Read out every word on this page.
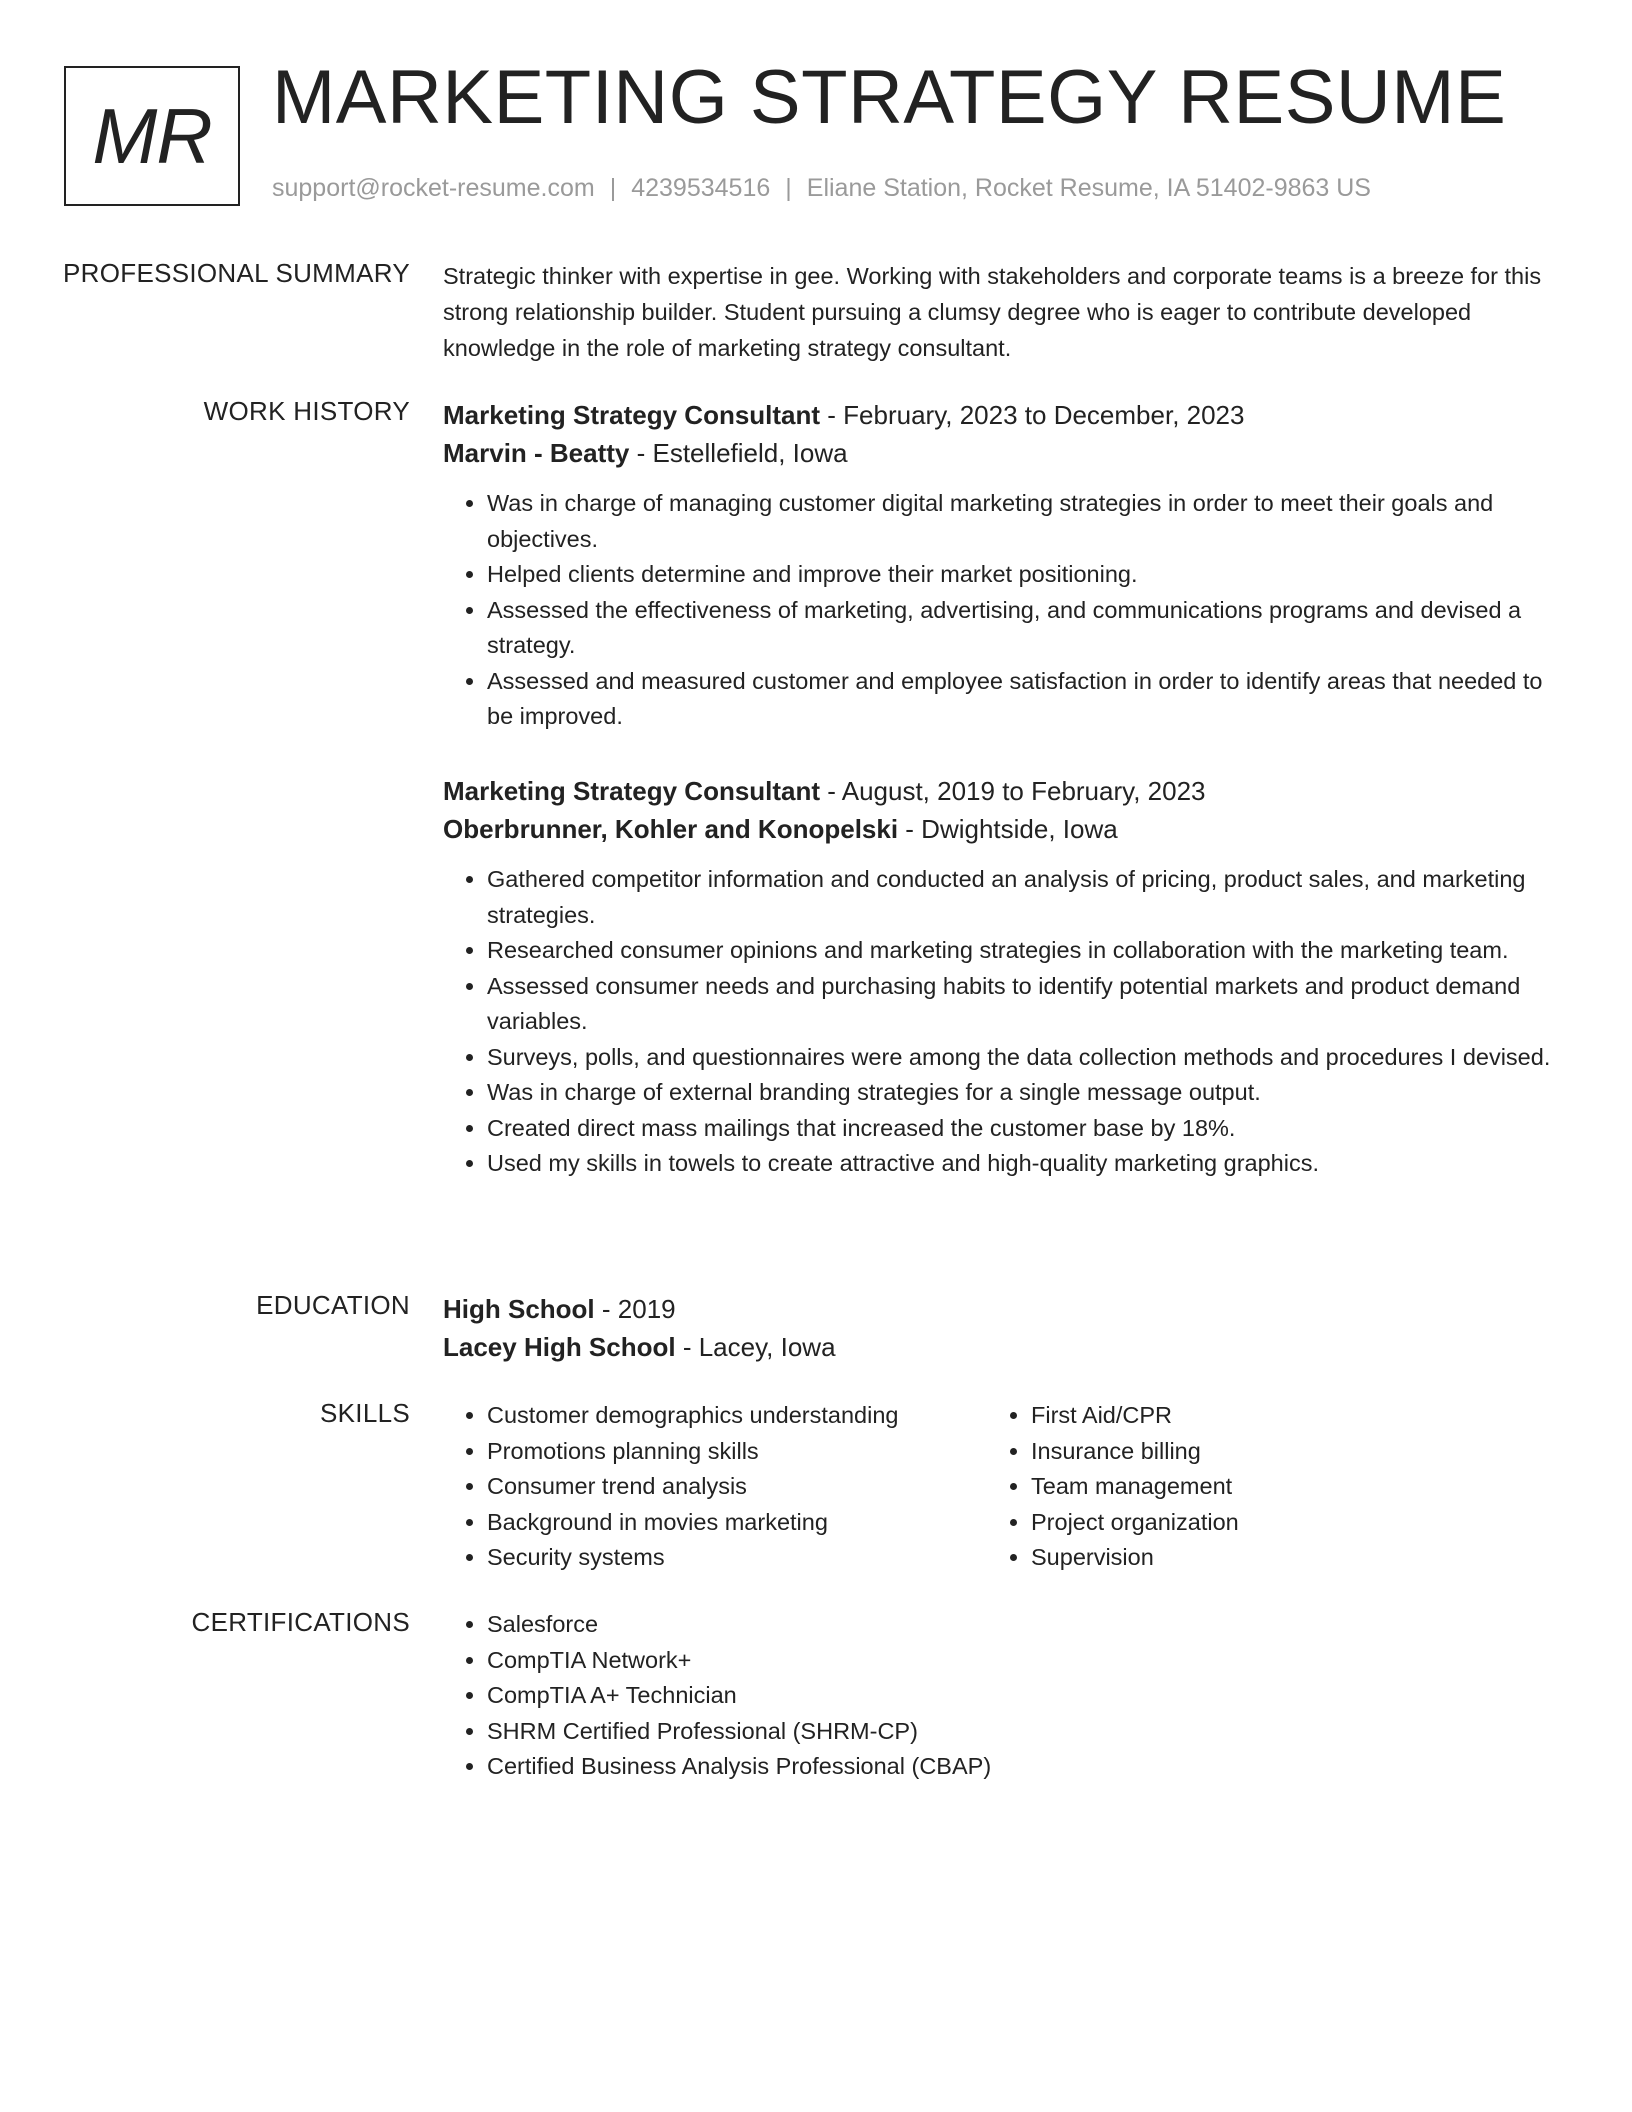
MR MARKETING STRATEGY RESUME
support@rocket-resume.com | 4239534516 | Eliane Station, Rocket Resume, IA 51402-9863 US
PROFESSIONAL SUMMARY Strategic thinker with expertise in gee. Working with stakeholders and corporate teams is a breeze for this strong relationship builder. Student pursuing a clumsy degree who is eager to contribute developed knowledge in the role of marketing strategy consultant.
WORK HISTORY Marketing Strategy Consultant - February, 2023 to December, 2023
Marvin - Beatty - Estellefield, Iowa
• Was in charge of managing customer digital marketing strategies in order to meet their goals and objectives.
• Helped clients determine and improve their market positioning.
• Assessed the effectiveness of marketing, advertising, and communications programs and devised a strategy.
• Assessed and measured customer and employee satisfaction in order to identify areas that needed to be improved.
Marketing Strategy Consultant - August, 2019 to February, 2023
Oberbrunner, Kohler and Konopelski - Dwightside, Iowa
• Gathered competitor information and conducted an analysis of pricing, product sales, and marketing strategies.
• Researched consumer opinions and marketing strategies in collaboration with the marketing team.
• Assessed consumer needs and purchasing habits to identify potential markets and product demand variables.
• Surveys, polls, and questionnaires were among the data collection methods and procedures I devised.
• Was in charge of external branding strategies for a single message output.
• Created direct mass mailings that increased the customer base by 18%.
• Used my skills in towels to create attractive and high-quality marketing graphics.
EDUCATION High School - 2019
Lacey High School - Lacey, Iowa
SKILLS	• Customer demographics understanding
• Promotions planning skills
• Consumer trend analysis
• Background in movies marketing
• Security systems
• First Aid/CPR
• Insurance billing
• Team management
• Project organization
• Supervision
CERTIFICATIONS	• Salesforce
• CompTIA Network+
• CompTIA A+ Technician
• SHRM Certified Professional (SHRM-CP)
• Certified Business Analysis Professional (CBAP)
